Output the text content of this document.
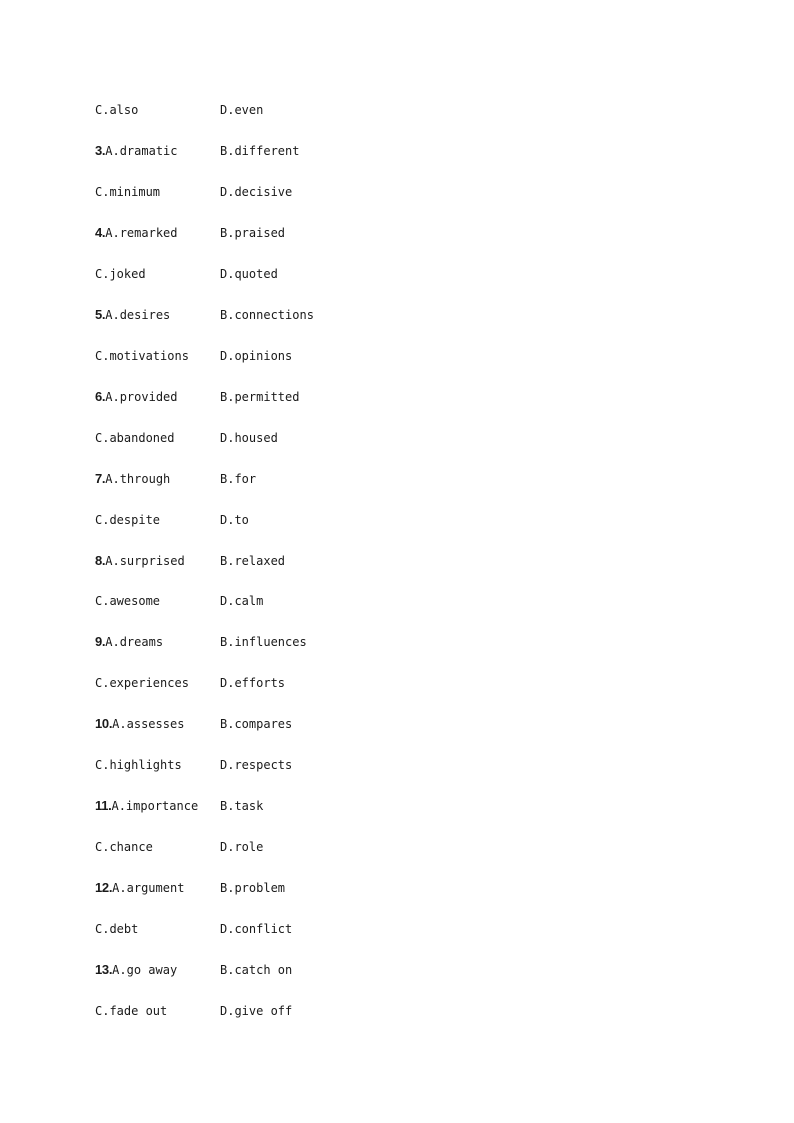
C.also	D.even
3.A.dramatic	B.different
C.minimum	D.decisive
4.A.remarked	B.praised
C.joked	D.quoted
5.A.desires	B.connections
C.motivations	D.opinions
6.A.provided	B.permitted
C.abandoned	D.housed
7.A.through	B.for
C.despite	D.to
8.A.surprised	B.relaxed
C.awesome	D.calm
9.A.dreams	B.influences
C.experiences	D.efforts
10.A.assesses	B.compares
C.highlights	D.respects
11.A.importance B.task
C.chance	D.role
12.A.argument	B.problem
C.debt	D.conflict
13.A.go away	B.catch on
C.fade out	D.give off
